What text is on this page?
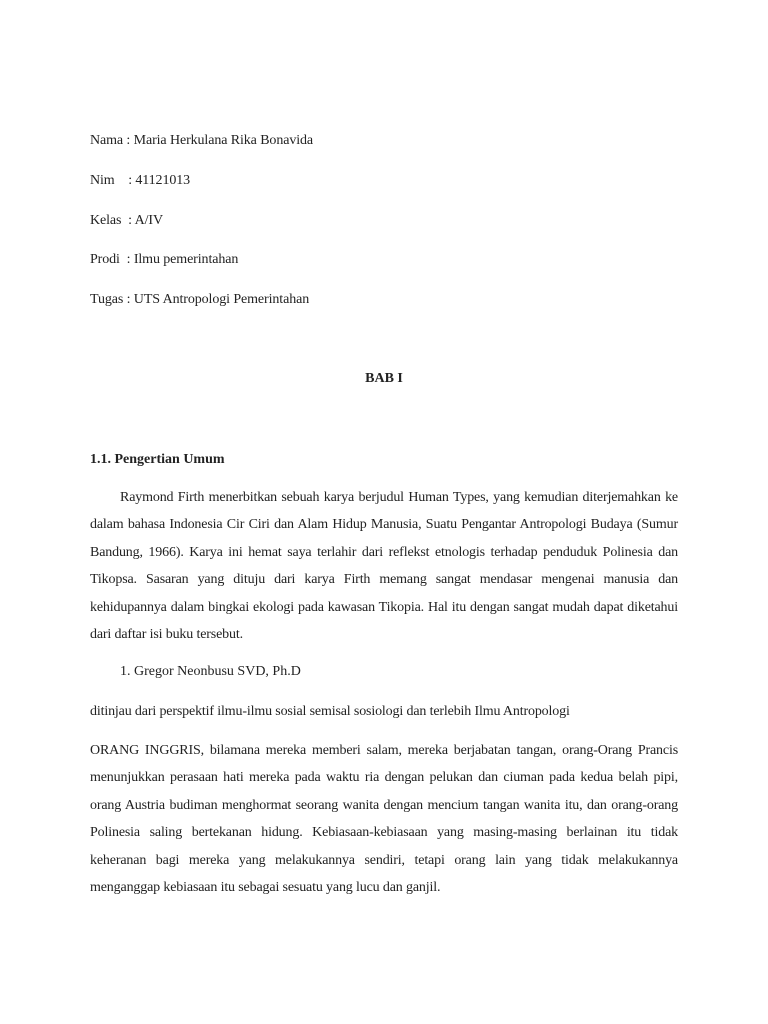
Nama : Maria Herkulana Rika Bonavida
Nim    : 41121013
Kelas  : A/IV
Prodi  : Ilmu pemerintahan
Tugas : UTS Antropologi Pemerintahan
BAB I
1.1. Pengertian Umum
Raymond Firth menerbitkan sebuah karya berjudul Human Types, yang kemudian diterjemahkan ke dalam bahasa Indonesia Cir Ciri dan Alam Hidup Manusia, Suatu Pengantar Antropologi Budaya (Sumur Bandung, 1966). Karya ini hemat saya terlahir dari reflekst etnologis terhadap penduduk Polinesia dan Tikopsa. Sasaran yang dituju dari karya Firth memang sangat mendasar mengenai manusia dan kehidupannya dalam bingkai ekologi pada kawasan Tikopia. Hal itu dengan sangat mudah dapat diketahui dari daftar isi buku tersebut.
1. Gregor Neonbusu SVD, Ph.D
ditinjau dari perspektif ilmu-ilmu sosial semisal sosiologi dan terlebih Ilmu Antropologi
ORANG INGGRIS, bilamana mereka memberi salam, mereka berjabatan tangan, orang-Orang Prancis menunjukkan perasaan hati mereka pada waktu ria dengan pelukan dan ciuman pada kedua belah pipi, orang Austria budiman menghormat seorang wanita dengan mencium tangan wanita itu, dan orang-orang Polinesia saling bertekanan hidung. Kebiasaan-kebiasaan yang masing-masing berlainan itu tidak keheranan bagi mereka yang melakukannya sendiri, tetapi orang lain yang tidak melakukannya menganggap kebiasaan itu sebagai sesuatu yang lucu dan ganjil.
